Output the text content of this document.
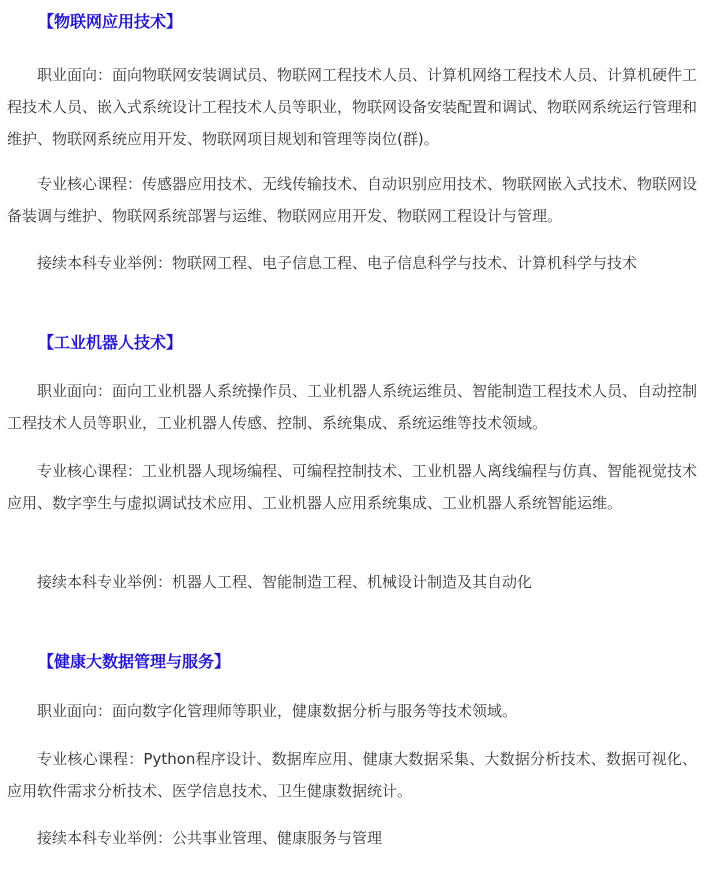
【物联网应用技术】

职业面向：面向物联网安装调试员、物联网工程技术人员、计算机网络工程技术人员、计算机硬件工程技术人员、嵌入式系统设计工程技术人员等职业，物联网设备安装配置和调试、物联网系统运行管理和维护、物联网系统应用开发、物联网项目规划和管理等岗位(群)。

专业核心课程：传感器应用技术、无线传输技术、自动识别应用技术、物联网嵌入式技术、物联网设备装调与维护、物联网系统部署与运维、物联网应用开发、物联网工程设计与管理。

接续本科专业举例：物联网工程、电子信息工程、电子信息科学与技术、计算机科学与技术

【工业机器人技术】

职业面向：面向工业机器人系统操作员、工业机器人系统运维员、智能制造工程技术人员、自动控制工程技术人员等职业，工业机器人传感、控制、系统集成、系统运维等技术领域。

专业核心课程：工业机器人现场编程、可编程控制技术、工业机器人离线编程与仿真、智能视觉技术应用、数字孪生与虚拟调试技术应用、工业机器人应用系统集成、工业机器人系统智能运维。

接续本科专业举例：机器人工程、智能制造工程、机械设计制造及其自动化

【健康大数据管理与服务】

职业面向：面向数字化管理师等职业，健康数据分析与服务等技术领域。

专业核心课程：Python程序设计、数据库应用、健康大数据采集、大数据分析技术、数据可视化、应用软件需求分析技术、医学信息技术、卫生健康数据统计。

接续本科专业举例：公共事业管理、健康服务与管理
